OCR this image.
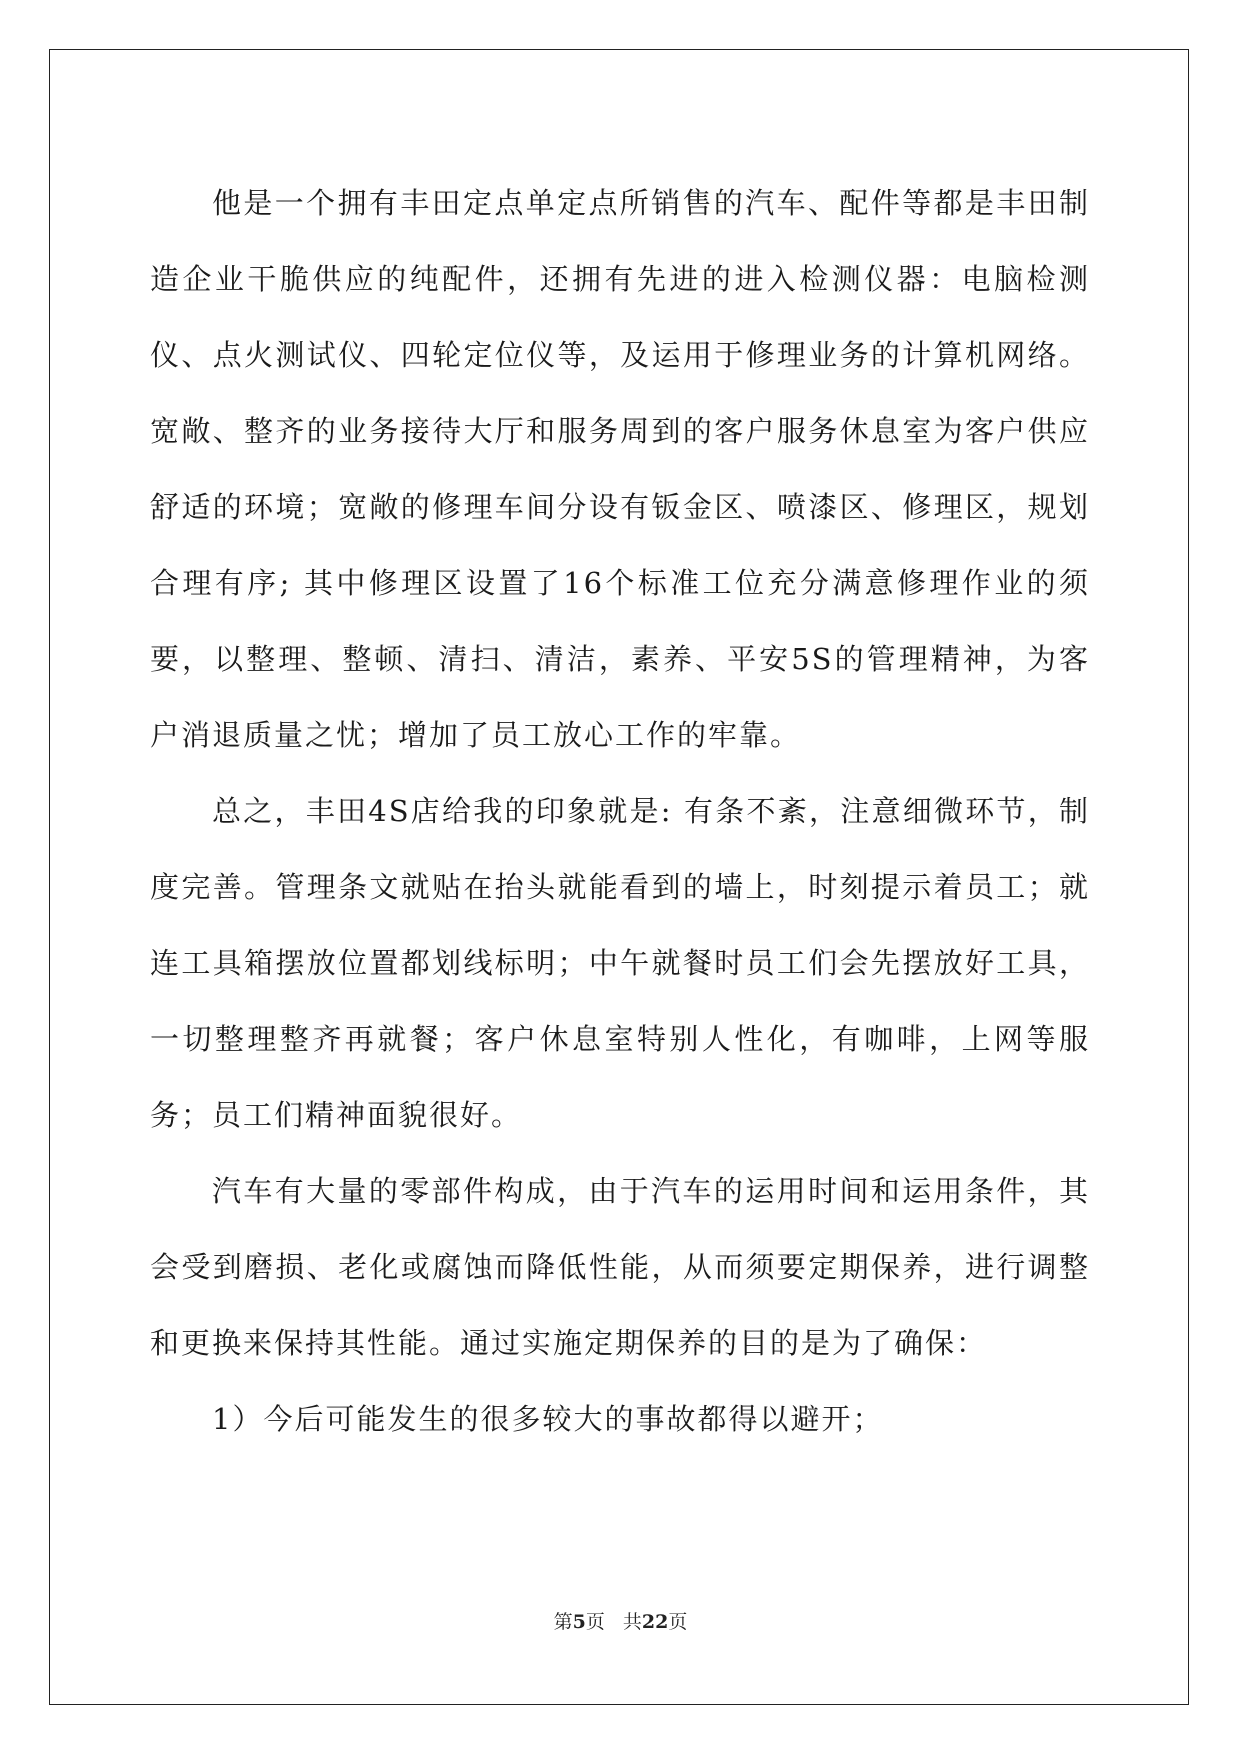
他是一个拥有丰田定点单定点所销售的汽车、配件等都是丰田制造企业干脆供应的纯配件，还拥有先进的进入检测仪器：电脑检测仪、点火测试仪、四轮定位仪等，及运用于修理业务的计算机网络。宽敞、整齐的业务接待大厅和服务周到的客户服务休息室为客户供应舒适的环境；宽敞的修理车间分设有钣金区、喷漆区、修理区，规划合理有序; 其中修理区设置了16个标准工位充分满意修理作业的须要，以整理、整顿、清扫、清洁，素养、平安5S的管理精神，为客户消退质量之忧；增加了员工放心工作的牢靠。

总之，丰田4S店给我的印象就是: 有条不紊，注意细微环节，制度完善。管理条文就贴在抬头就能看到的墙上，时刻提示着员工；就连工具箱摆放位置都划线标明；中午就餐时员工们会先摆放好工具，一切整理整齐再就餐；客户休息室特别人性化，有咖啡，上网等服务；员工们精神面貌很好。

汽车有大量的零部件构成，由于汽车的运用时间和运用条件，其会受到磨损、老化或腐蚀而降低性能，从而须要定期保养，进行调整和更换来保持其性能。通过实施定期保养的目的是为了确保：

1）今后可能发生的很多较大的事故都得以避开；

第5页 共22页
